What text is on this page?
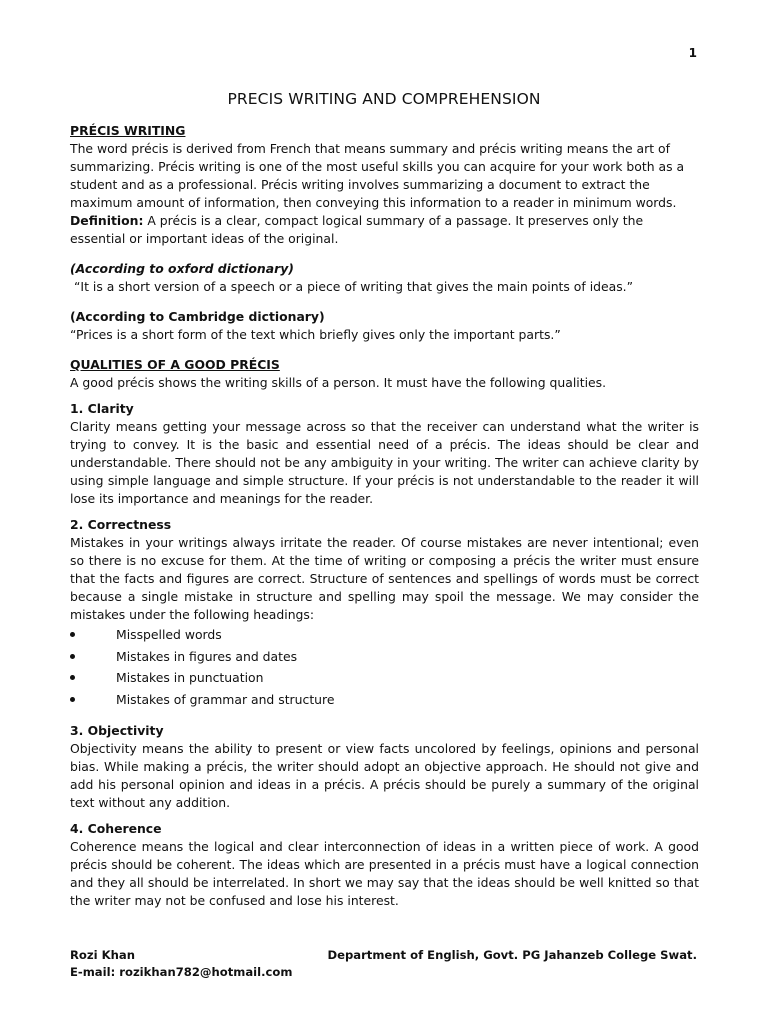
1
PRECIS WRITING AND COMPREHENSION

PRÉCIS WRITING

The word précis is derived from French that means summary and précis writing means the art of summarizing. Précis writing is one of the most useful skills you can acquire for your work both as a student and as a professional. Précis writing involves summarizing a document to extract the maximum amount of information, then conveying this information to a reader in minimum words.

Definition: A précis is a clear, compact logical summary of a passage. It preserves only the essential or important ideas of the original.

(According to oxford dictionary)

“It is a short version of a speech or a piece of writing that gives the main points of ideas.”

(According to Cambridge dictionary)

“Prices is a short form of the text which briefly gives only the important parts.”

QUALITIES OF A GOOD PRÉCIS

A good précis shows the writing skills of a person. It must have the following qualities.

1. Clarity

Clarity means getting your message across so that the receiver can understand what the writer is trying to convey. It is the basic and essential need of a précis. The ideas should be clear and understandable. There should not be any ambiguity in your writing. The writer can achieve clarity by using simple language and simple structure. If your précis is not understandable to the reader it will lose its importance and meanings for the reader.

2. Correctness

Mistakes in your writings always irritate the reader. Of course mistakes are never intentional; even so there is no excuse for them. At the time of writing or composing a précis the writer must ensure that the facts and figures are correct. Structure of sentences and spellings of words must be correct because a single mistake in structure and spelling may spoil the message. We may consider the mistakes under the following headings:

Misspelled words
Mistakes in figures and dates
Mistakes in punctuation
Mistakes of grammar and structure

3. Objectivity

Objectivity means the ability to present or view facts uncolored by feelings, opinions and personal bias. While making a précis, the writer should adopt an objective approach. He should not give and add his personal opinion and ideas in a précis. A précis should be purely a summary of the original text without any addition.

4. Coherence

Coherence means the logical and clear interconnection of ideas in a written piece of work. A good précis should be coherent. The ideas which are presented in a précis must have a logical connection and they all should be interrelated. In short we may say that the ideas should be well knitted so that the writer may not be confused and lose his interest.

Rozi Khan
E-mail: rozikhan782@hotmail.com
Department of English, Govt. PG Jahanzeb College Swat.
